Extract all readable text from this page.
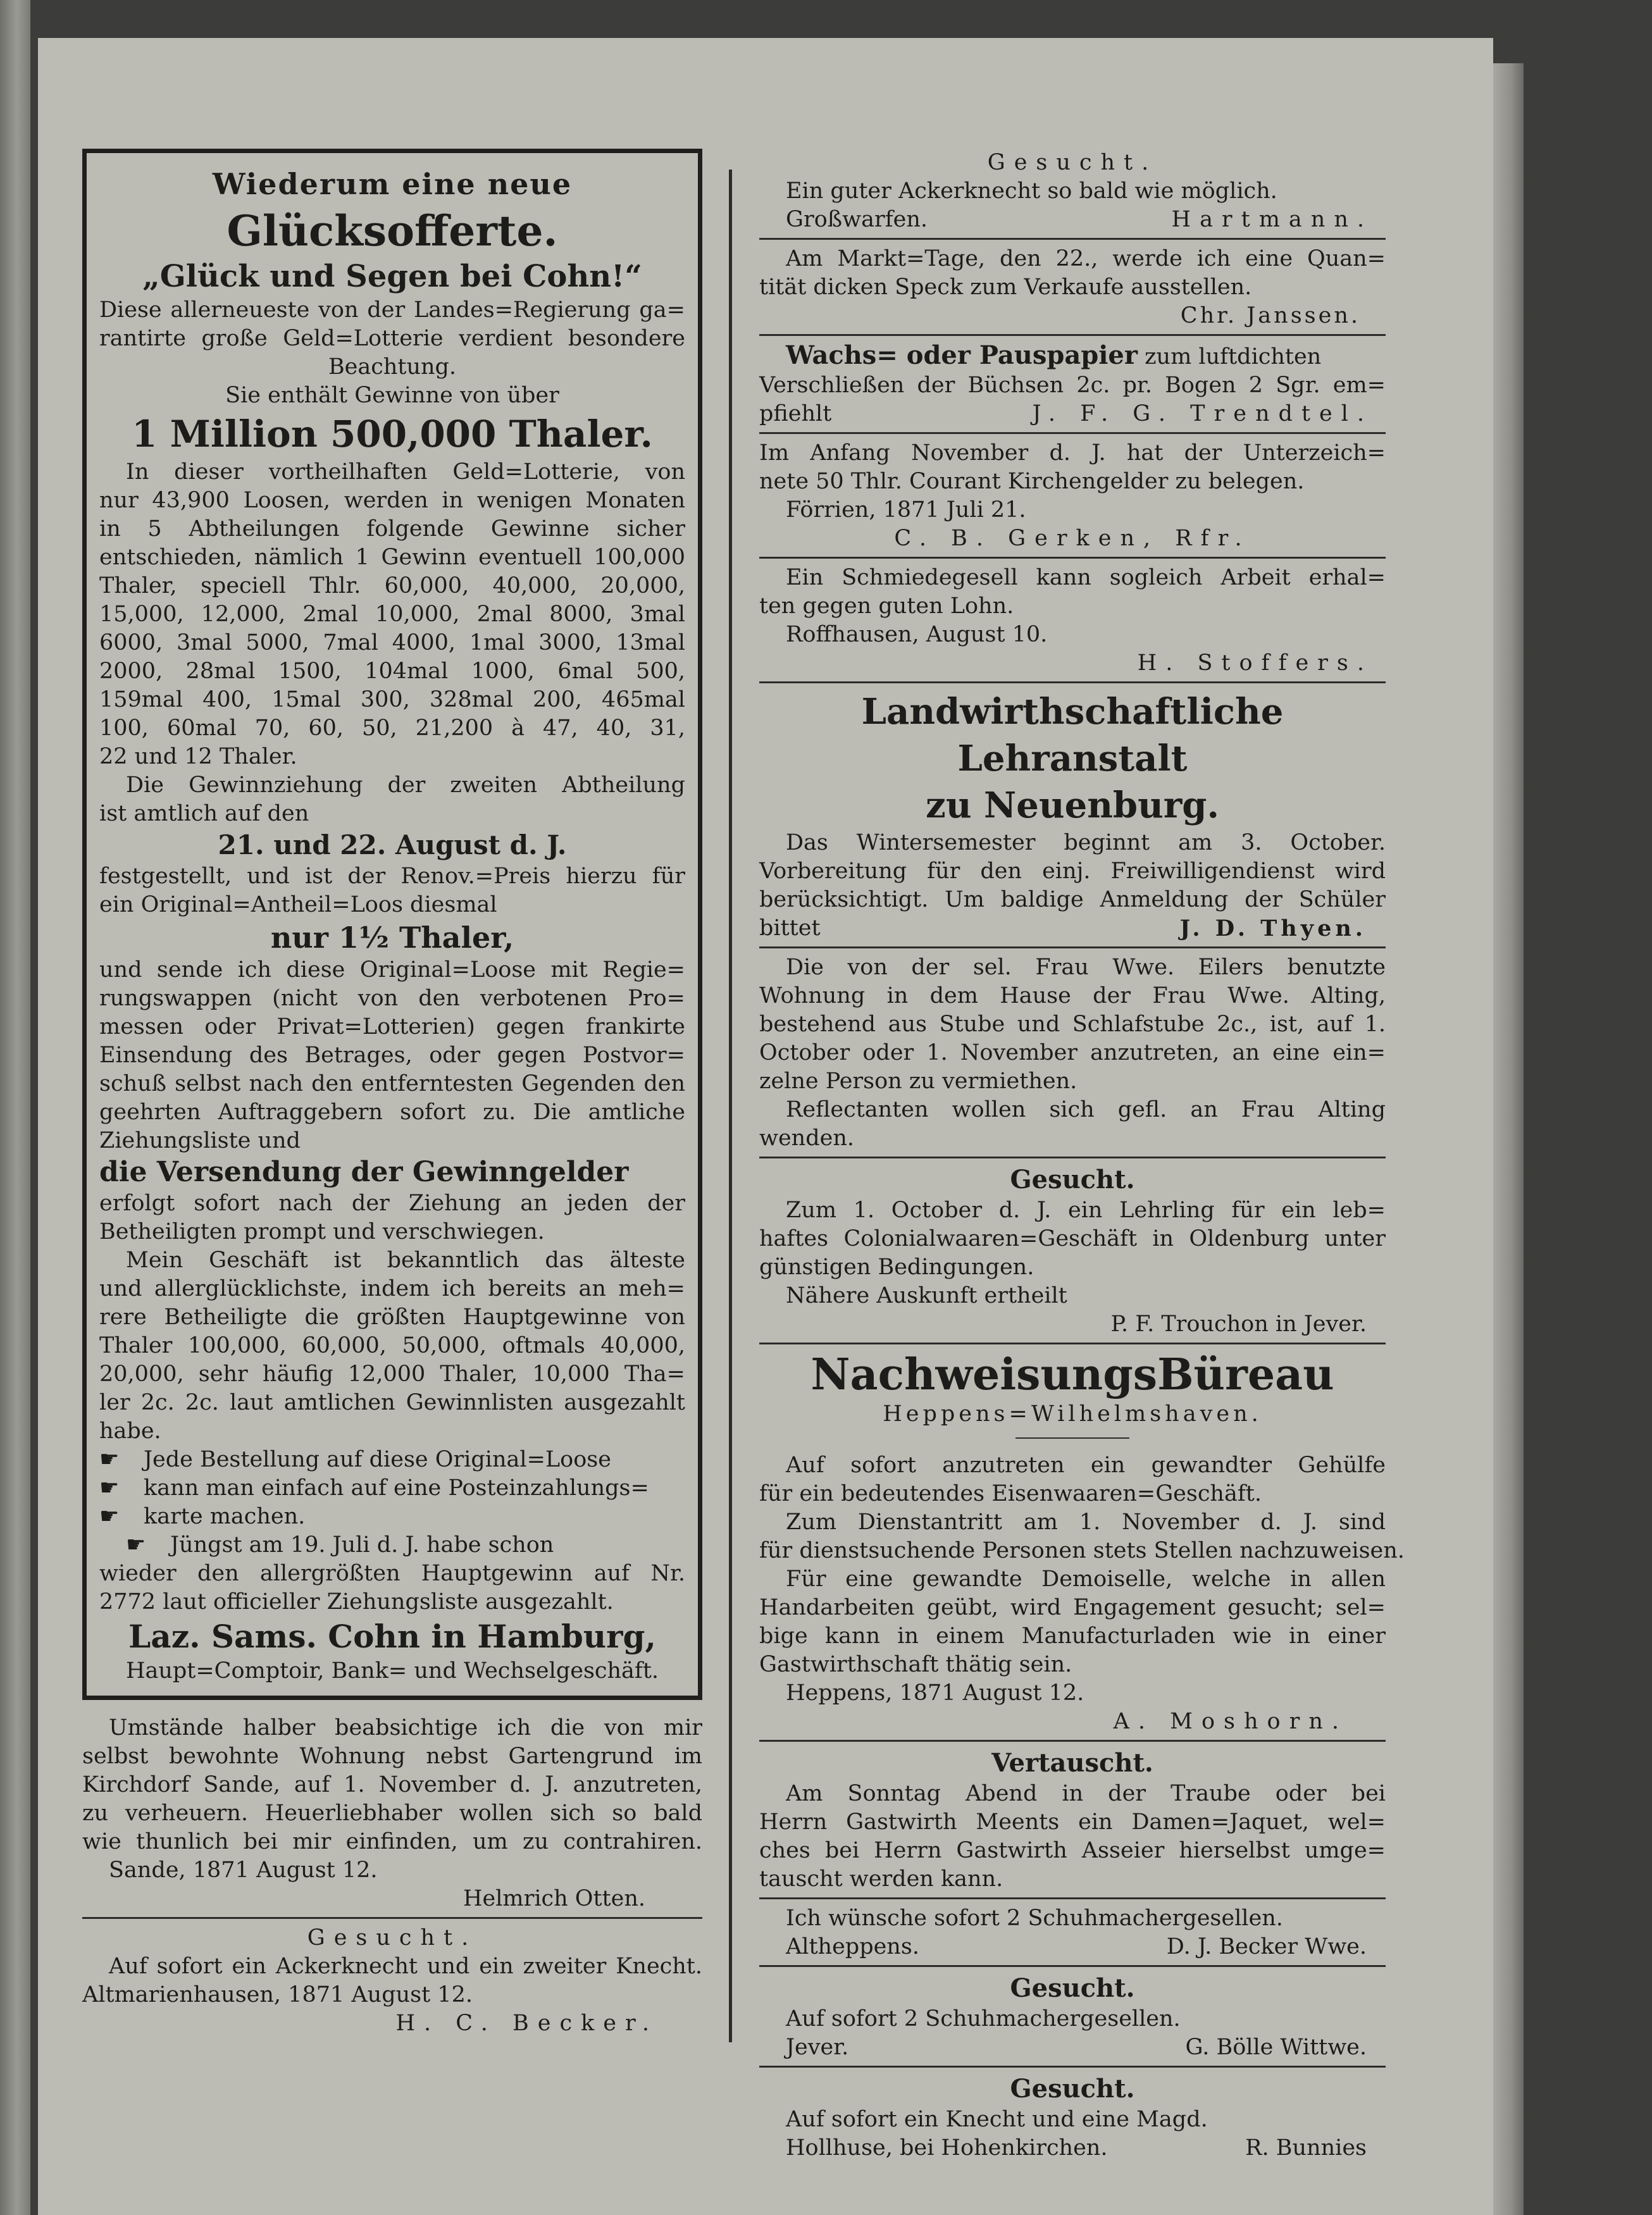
Wiederum eine neue

Glücksofferte.

„Glück und Segen bei Cohn!“

Diese allerneueste von der Landes=Regierung ga=
rantirte große Geld=Lotterie verdient besondere
Beachtung.
Sie enthält Gewinne von über

1 Million 500,000 Thaler.

In dieser vortheilhaften Geld=Lotterie, von
nur 43,900 Loosen, werden in wenigen Monaten
in 5 Abtheilungen folgende Gewinne sicher
entschieden, nämlich 1 Gewinn eventuell 100,000
Thaler, speciell Thlr. 60,000, 40,000, 20,000,
15,000, 12,000, 2mal 10,000, 2mal 8000, 3mal
6000, 3mal 5000, 7mal 4000, 1mal 3000, 13mal
2000, 28mal 1500, 104mal 1000, 6mal 500,
159mal 400, 15mal 300, 328mal 200, 465mal
100, 60mal 70, 60, 50, 21,200 à 47, 40, 31,
22 und 12 Thaler.
Die Gewinnziehung der zweiten Abtheilung
ist amtlich auf den

21. und 22. August d. J.

festgestellt, und ist der Renov.=Preis hierzu für
ein Original=Antheil=Loos diesmal

nur 1½ Thaler,

und sende ich diese Original=Loose mit Regie=
rungswappen (nicht von den verbotenen Pro=
messen oder Privat=Lotterien) gegen frankirte
Einsendung des Betrages, oder gegen Postvor=
schuß selbst nach den entferntesten Gegenden den
geehrten Auftraggebern sofort zu. Die amtliche
Ziehungsliste und

die Versendung der Gewinngelder

erfolgt sofort nach der Ziehung an jeden der
Betheiligten prompt und verschwiegen.
Mein Geschäft ist bekanntlich das älteste
und allerglücklichste, indem ich bereits an meh=
rere Betheiligte die größten Hauptgewinne von
Thaler 100,000, 60,000, 50,000, oftmals 40,000,
20,000, sehr häufig 12,000 Thaler, 10,000 Tha=
ler 2c. 2c. laut amtlichen Gewinnlisten ausgezahlt
habe.
☛ Jede Bestellung auf diese Original=Loose
☛ kann man einfach auf eine Posteinzahlungs=
☛ karte machen.
☛ Jüngst am 19. Juli d. J. habe schon
wieder den allergrößten Hauptgewinn auf Nr.
2772 laut officieller Ziehungsliste ausgezahlt.

Laz. Sams. Cohn in Hamburg,

Haupt=Comptoir, Bank= und Wechselgeschäft.
Umstände halber beabsichtige ich die von mir
selbst bewohnte Wohnung nebst Gartengrund im
Kirchdorf Sande, auf 1. November d. J. anzutreten,
zu verheuern. Heuerliebhaber wollen sich so bald
wie thunlich bei mir einfinden, um zu contrahiren.
Sande, 1871 August 12.
Helmrich Otten.
Gesucht.
Auf sofort ein Ackerknecht und ein zweiter Knecht.
Altmarienhausen, 1871 August 12.
H. C. Becker.
Gesucht.
Ein guter Ackerknecht so bald wie möglich.
Großwarfen.	Hartmann.
Am Markt=Tage, den 22., werde ich eine Quan=
tität dicken Speck zum Verkaufe ausstellen.
Chr. Janssen.
Wachs= oder Pauspapier zum luftdichten
Verschließen der Büchsen 2c. pr. Bogen 2 Sgr. em=
pfiehlt	J. F. G. Trendtel.
Im Anfang November d. J. hat der Unterzeich=
nete 50 Thlr. Courant Kirchengelder zu belegen.
Förrien, 1871 Juli 21.
C. B. Gerken, Rfr.
Ein Schmiedegesell kann sogleich Arbeit erhal=
ten gegen guten Lohn.
Roffhausen, August 10.
H. Stoffers.

Landwirthschaftliche Lehranstalt

zu Neuenburg.

Das Wintersemester beginnt am 3. October.
Vorbereitung für den einj. Freiwilligendienst wird
berücksichtigt. Um baldige Anmeldung der Schüler
bittet	J. D. Thyen.
Die von der sel. Frau Wwe. Eilers benutzte
Wohnung in dem Hause der Frau Wwe. Alting,
bestehend aus Stube und Schlafstube 2c., ist, auf 1.
October oder 1. November anzutreten, an eine ein=
zelne Person zu vermiethen.
Reflectanten wollen sich gefl. an Frau Alting
wenden.

Gesucht.

Zum 1. October d. J. ein Lehrling für ein leb=
haftes Colonialwaaren=Geschäft in Oldenburg unter
günstigen Bedingungen.
Nähere Auskunft ertheilt
P. F. Trouchon in Jever.

NachweisungsBüreau

Heppens=Wilhelmshaven.
Auf sofort anzutreten ein gewandter Gehülfe
für ein bedeutendes Eisenwaaren=Geschäft.
Zum Dienstantritt am 1. November d. J. sind
für dienstsuchende Personen stets Stellen nachzuweisen.
Für eine gewandte Demoiselle, welche in allen
Handarbeiten geübt, wird Engagement gesucht; sel=
bige kann in einem Manufacturladen wie in einer
Gastwirthschaft thätig sein.
Heppens, 1871 August 12.
A. Moshorn.

Vertauscht.

Am Sonntag Abend in der Traube oder bei
Herrn Gastwirth Meents ein Damen=Jaquet, wel=
ches bei Herrn Gastwirth Asseier hierselbst umge=
tauscht werden kann.
Ich wünsche sofort 2 Schuhmachergesellen.
Altheppens.	D. J. Becker Wwe.

Gesucht.

Auf sofort 2 Schuhmachergesellen.
Jever.	G. Bölle Wittwe.

Gesucht.

Auf sofort ein Knecht und eine Magd.
Hollhuse, bei Hohenkirchen.	R. Bunnies
